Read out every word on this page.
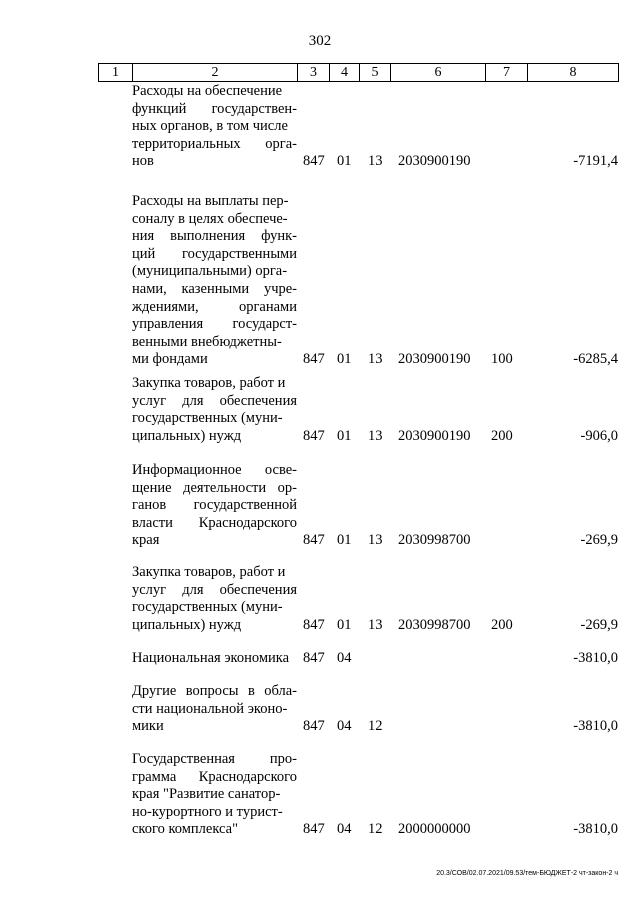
302
1	2	3	4	5	6	7	8
Расходы на обеспечение
функций государствен-
ных органов, в том числе
территориальных орга-
нов	847 01 13 2030900190	-7191,4
Расходы на выплаты пер-
соналу в целях обеспече-
ния выполнения функ-
ций государственными
(муниципальными) орга-
нами, казенными учре-
ждениями, органами
управления государст-
венными внебюджетны-
ми фондами	847 01 13 2030900190 100	-6285,4
Закупка товаров, работ и
услуг для обеспечения
государственных (муни-
ципальных) нужд	847 01 13 2030900190 200	-906,0
Информационное осве-
щение деятельности ор-
ганов государственной
власти Краснодарского
края	847 01 13 2030998700	-269,9
Закупка товаров, работ и
услуг для обеспечения
государственных (муни-
ципальных) нужд	847 01 13 2030998700 200	-269,9
Национальная экономика 847 04	-3810,0
Другие вопросы в обла-
сти национальной эконо-
мики	847 04 12	-3810,0
Государственная про-
грамма Краснодарского
края "Развитие санатор-
но-курортного и турист-
ского комплекса"	847 04 12 2000000000	-3810,0
20.3/СОВ/02.07.2021/09.53/тем-БЮДЖЕТ-2 чт-закон-2 ч
